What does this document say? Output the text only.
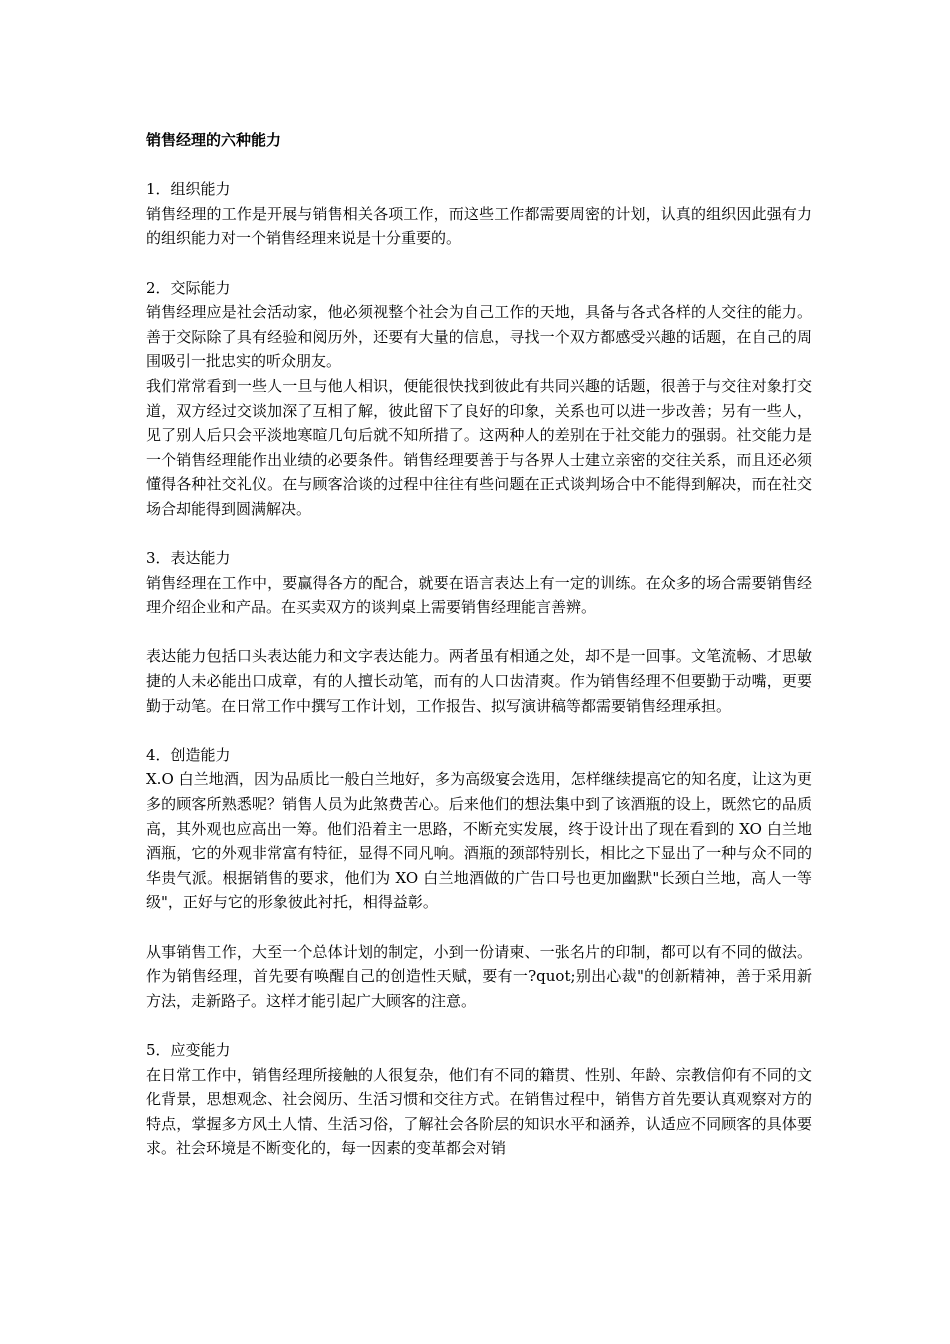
销售经理的六种能力

1．组织能力

销售经理的工作是开展与销售相关各项工作，而这些工作都需要周密的计划，认真的组织因此强有力的组织能力对一个销售经理来说是十分重要的。

2．交际能力

销售经理应是社会活动家，他必须视整个社会为自己工作的天地，具备与各式各样的人交往的能力。善于交际除了具有经验和阅历外，还要有大量的信息，寻找一个双方都感受兴趣的话题，在自己的周围吸引一批忠实的听众朋友。

我们常常看到一些人一旦与他人相识，便能很快找到彼此有共同兴趣的话题，很善于与交往对象打交道，双方经过交谈加深了互相了解，彼此留下了良好的印象，关系也可以进一步改善；另有一些人，见了别人后只会平淡地寒暄几句后就不知所措了。这两种人的差别在于社交能力的强弱。社交能力是一个销售经理能作出业绩的必要条件。销售经理要善于与各界人士建立亲密的交往关系，而且还必须懂得各种社交礼仪。在与顾客洽谈的过程中往往有些问题在正式谈判场合中不能得到解决，而在社交场合却能得到圆满解决。

3．表达能力

销售经理在工作中，要赢得各方的配合，就要在语言表达上有一定的训练。在众多的场合需要销售经理介绍企业和产品。在买卖双方的谈判桌上需要销售经理能言善辨。

表达能力包括口头表达能力和文字表达能力。两者虽有相通之处，却不是一回事。文笔流畅、才思敏捷的人未必能出口成章，有的人擅长动笔，而有的人口齿清爽。作为销售经理不但要勤于动嘴，更要勤于动笔。在日常工作中撰写工作计划，工作报告、拟写演讲稿等都需要销售经理承担。

4．创造能力

X.O 白兰地酒，因为品质比一般白兰地好，多为高级宴会选用，怎样继续提高它的知名度，让这为更多的顾客所熟悉呢？销售人员为此煞费苦心。后来他们的想法集中到了该酒瓶的设上，既然它的品质高，其外观也应高出一筹。他们沿着主一思路，不断充实发展，终于设计出了现在看到的 XO 白兰地酒瓶，它的外观非常富有特征，显得不同凡响。酒瓶的颈部特别长，相比之下显出了一种与众不同的华贵气派。根据销售的要求，他们为 XO 白兰地酒做的广告口号也更加幽默"长颈白兰地，高人一等级"，正好与它的形象彼此衬托，相得益彰。

从事销售工作，大至一个总体计划的制定，小到一份请柬、一张名片的印制，都可以有不同的做法。作为销售经理，首先要有唤醒自己的创造性天赋，要有一?quot;别出心裁"的创新精神，善于采用新方法，走新路子。这样才能引起广大顾客的注意。

5．应变能力

在日常工作中，销售经理所接触的人很复杂，他们有不同的籍贯、性别、年龄、宗教信仰有不同的文化背景，思想观念、社会阅历、生活习惯和交往方式。在销售过程中，销售方首先要认真观察对方的特点，掌握多方风土人情、生活习俗，了解社会各阶层的知识水平和涵养，认适应不同顾客的具体要求。社会环境是不断变化的，每一因素的变革都会对销
